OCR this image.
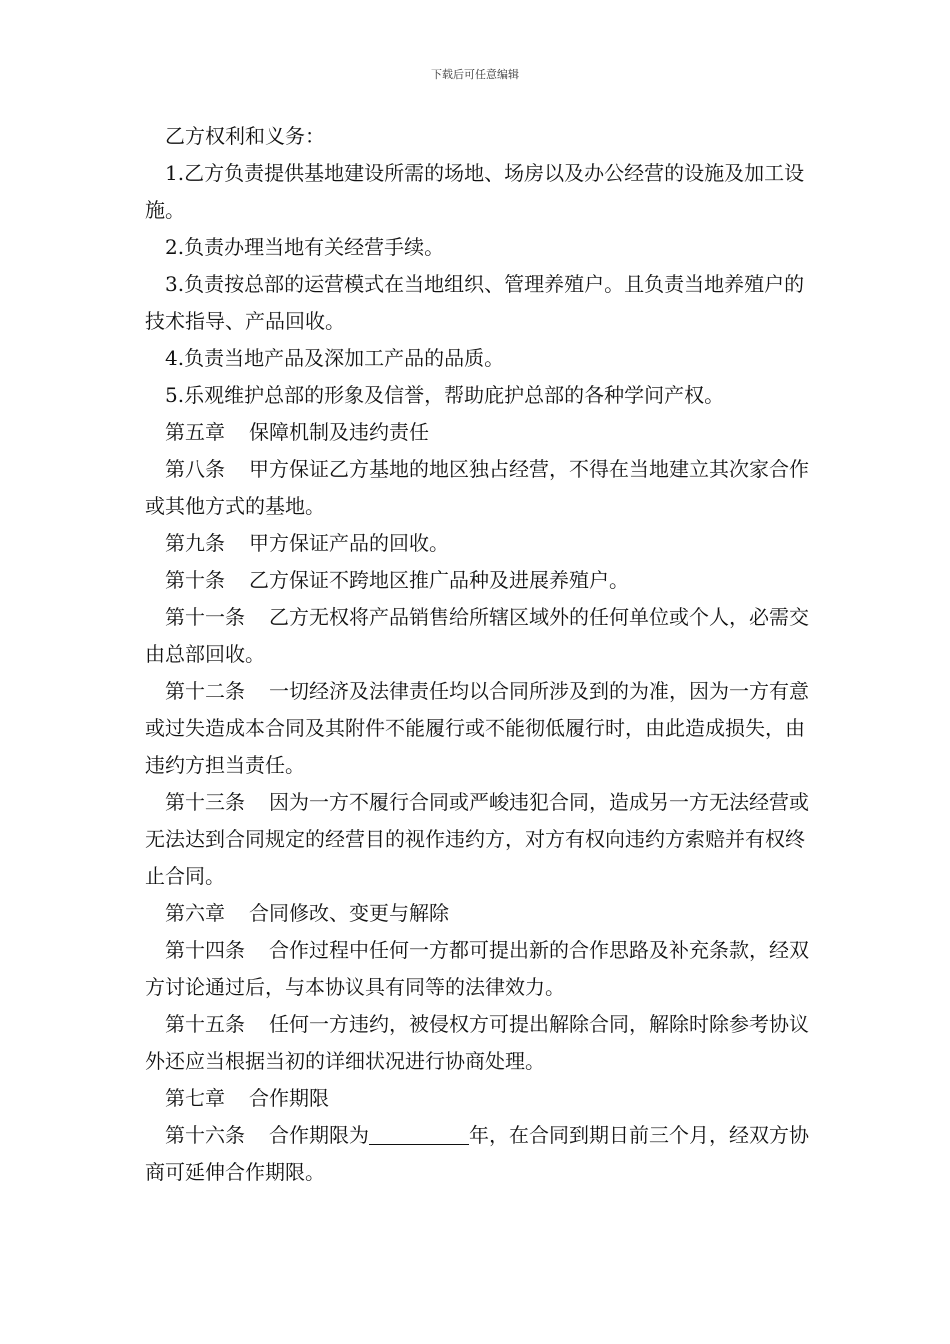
下载后可任意编辑

乙方权利和义务：

1.乙方负责提供基地建设所需的场地、场房以及办公经营的设施及加工设施。

2.负责办理当地有关经营手续。

3.负责按总部的运营模式在当地组织、管理养殖户。且负责当地养殖户的技术指导、产品回收。

4.负责当地产品及深加工产品的品质。

5.乐观维护总部的形象及信誉，帮助庇护总部的各种学问产权。

第五章 保障机制及违约责任

第八条 甲方保证乙方基地的地区独占经营，不得在当地建立其次家合作或其他方式的基地。

第九条 甲方保证产品的回收。

第十条 乙方保证不跨地区推广品种及进展养殖户。

第十一条 乙方无权将产品销售给所辖区域外的任何单位或个人，必需交由总部回收。

第十二条 一切经济及法律责任均以合同所涉及到的为准，因为一方有意或过失造成本合同及其附件不能履行或不能彻低履行时，由此造成损失，由违约方担当责任。

第十三条 因为一方不履行合同或严峻违犯合同，造成另一方无法经营或无法达到合同规定的经营目的视作违约方，对方有权向违约方索赔并有权终止合同。

第六章 合同修改、变更与解除

第十四条 合作过程中任何一方都可提出新的合作思路及补充条款，经双方讨论通过后，与本协议具有同等的法律效力。

第十五条 任何一方违约，被侵权方可提出解除合同，解除时除参考协议外还应当根据当初的详细状况进行协商处理。

第七章 合作期限

第十六条 合作期限为	年，在合同到期日前三个月，经双方协商可延伸合作期限。
